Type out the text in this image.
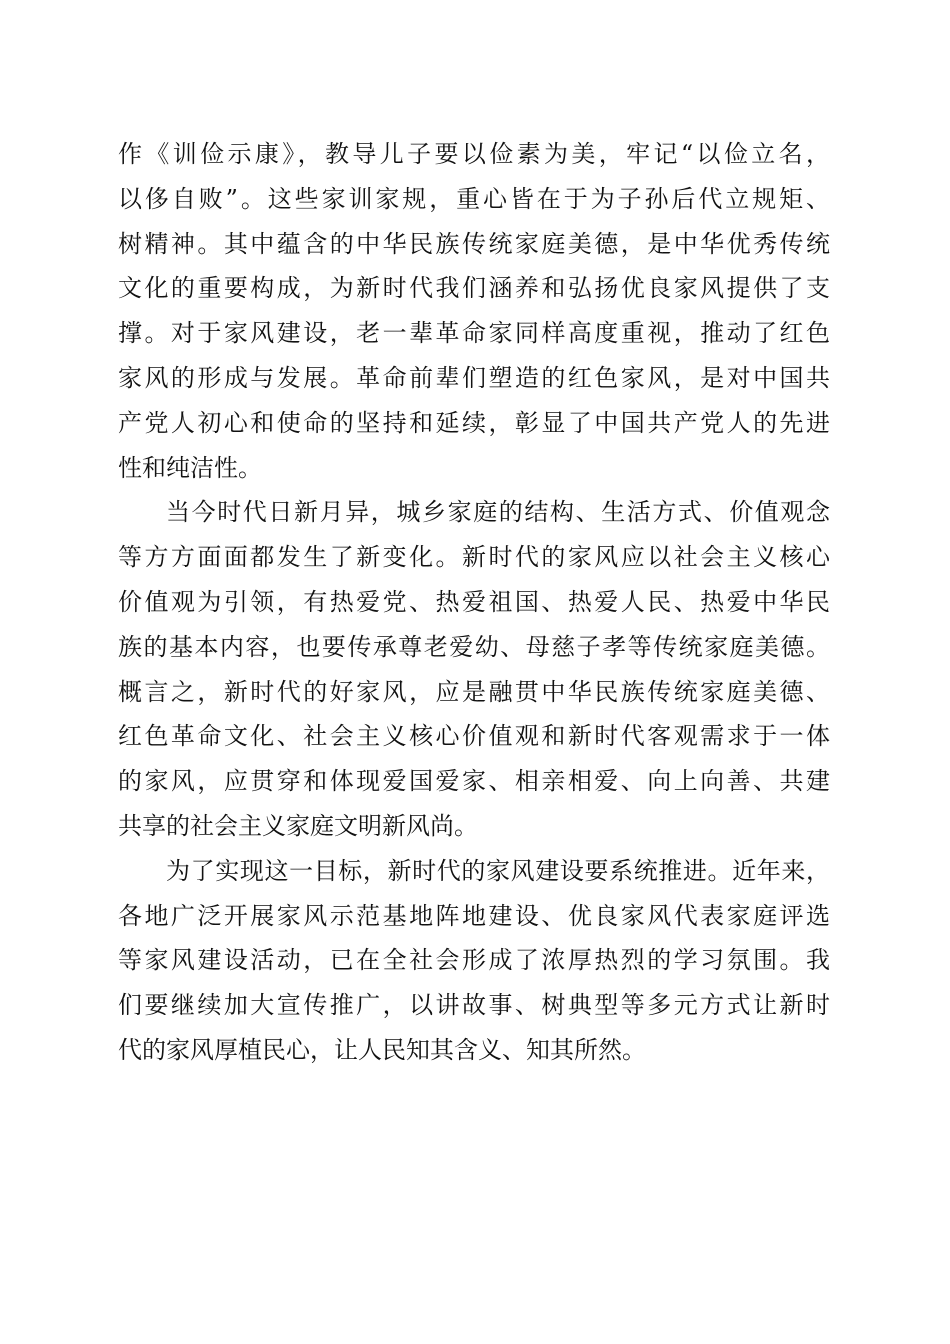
作《训俭示康》，教导儿子要以俭素为美，牢记“以俭立名，
以侈自败”。这些家训家规，重心皆在于为子孙后代立规矩、
树精神。其中蕴含的中华民族传统家庭美德，是中华优秀传统
文化的重要构成，为新时代我们涵养和弘扬优良家风提供了支
撑。对于家风建设，老一辈革命家同样高度重视，推动了红色
家风的形成与发展。革命前辈们塑造的红色家风，是对中国共
产党人初心和使命的坚持和延续，彰显了中国共产党人的先进
性和纯洁性。
当今时代日新月异，城乡家庭的结构、生活方式、价值观念
等方方面面都发生了新变化。新时代的家风应以社会主义核心
价值观为引领，有热爱党、热爱祖国、热爱人民、热爱中华民
族的基本内容，也要传承尊老爱幼、母慈子孝等传统家庭美德。
概言之，新时代的好家风，应是融贯中华民族传统家庭美德、
红色革命文化、社会主义核心价值观和新时代客观需求于一体
的家风，应贯穿和体现爱国爱家、相亲相爱、向上向善、共建
共享的社会主义家庭文明新风尚。
为了实现这一目标，新时代的家风建设要系统推进。近年来，
各地广泛开展家风示范基地阵地建设、优良家风代表家庭评选
等家风建设活动，已在全社会形成了浓厚热烈的学习氛围。我
们要继续加大宣传推广，以讲故事、树典型等多元方式让新时
代的家风厚植民心，让人民知其含义、知其所然。
